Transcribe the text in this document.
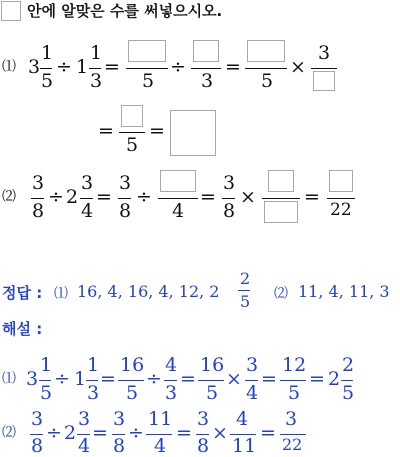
안에 알맞은 수를 써넣으시오.
⑴ 3
1
5
÷ 1
1
3
=
5
÷
3
=
5
×
3
=
5
=
⑵
3
8
÷ 2
3
4
=
3
8
÷
4
=
3
8
×	=
22
정답 : ⑴ 16, 4, 16, 4, 12, 2
2
5 ⑵ 11, 4, 11, 3
해설 :
⑴ 3
1
5
÷ 1
1
3
=
16
5
÷
4
3
=
16
5
×
3
4
=
12
5
= 2
2
5
⑵
3
8
÷ 2
3
4
=
3
8
÷
11
4
=
3
8
×
4
11
=
3
22
